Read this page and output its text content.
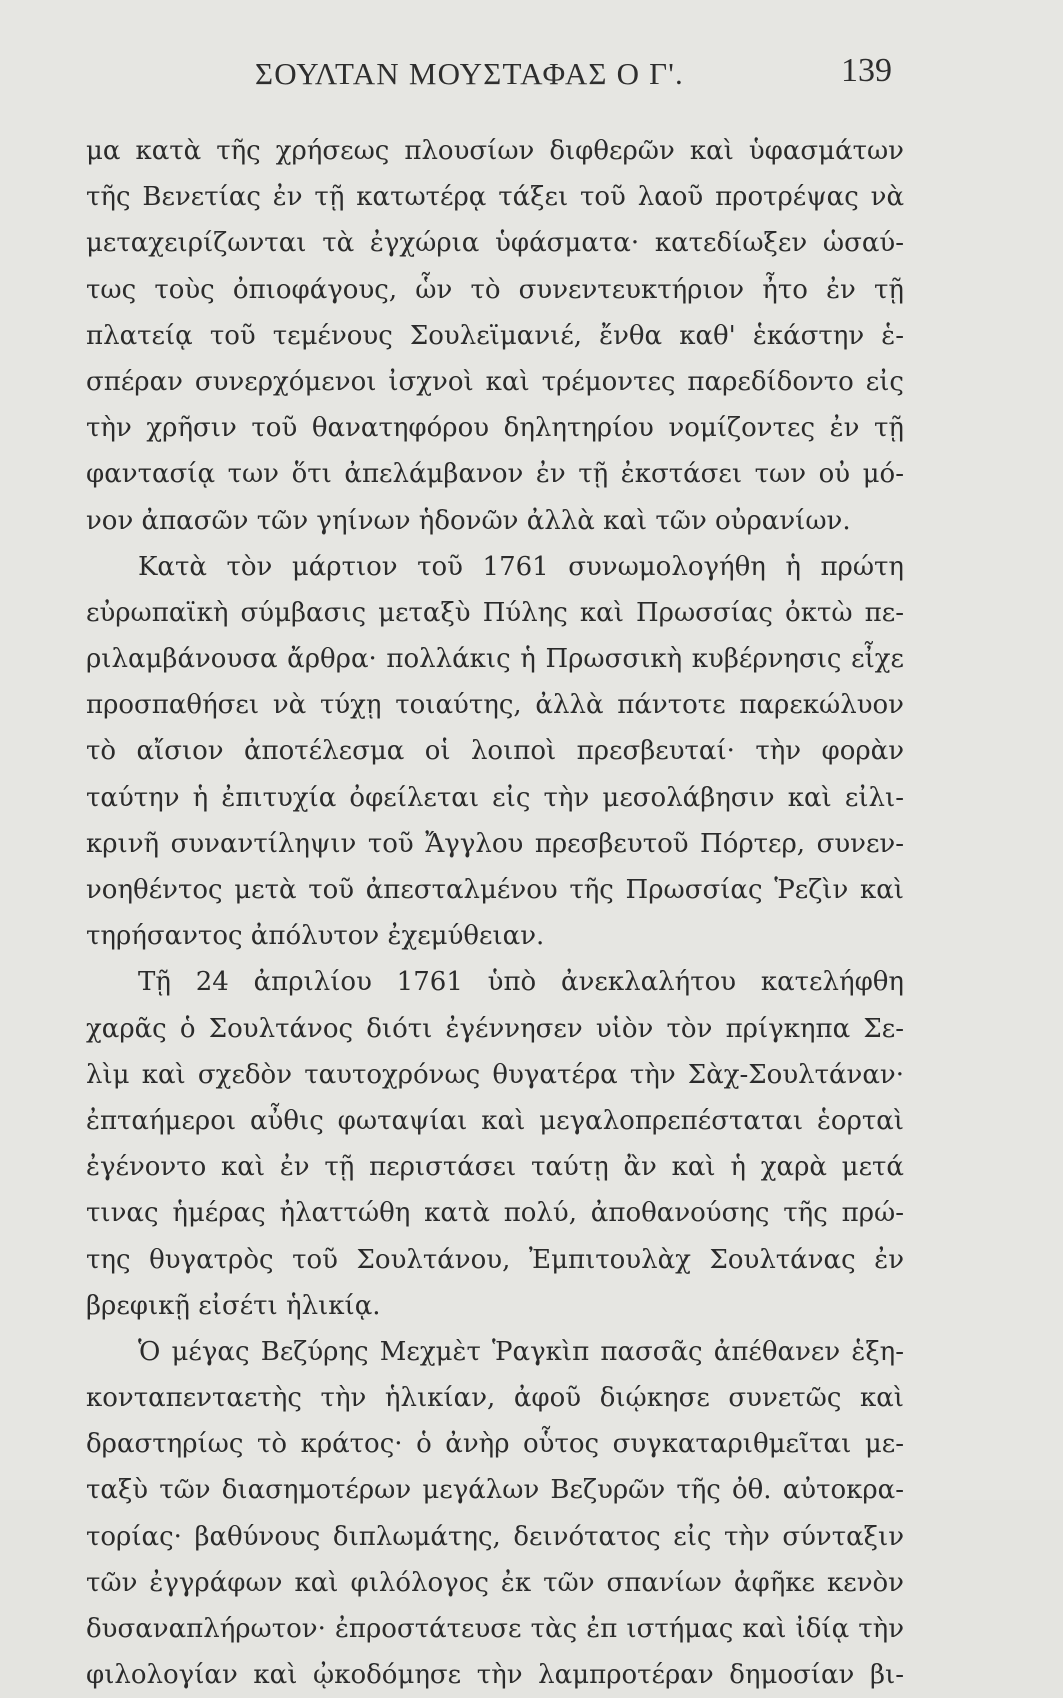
ΣΟΥΛΤΑΝ ΜΟΥΣΤΑΦΑΣ Ο Γ'.	139
μα κατὰ τῆς χρήσεως πλουσίων διφθερῶν καὶ ὑφασμάτων
τῆς Βενετίας ἐν τῇ κατωτέρᾳ τάξει τοῦ λαοῦ προτρέψας νὰ
μεταχειρίζωνται τὰ ἐγχώρια ὑφάσματα· κατεδίωξεν ὡσαύ-
τως τοὺς ὀπιοφάγους, ὧν τὸ συνεντευκτήριον ἦτο ἐν τῇ
πλατείᾳ τοῦ τεμένους Σουλεϊμανιέ, ἔνθα καθ' ἑκάστην ἑ-
σπέραν συνερχόμενοι ἰσχνοὶ καὶ τρέμοντες παρεδίδοντο εἰς
τὴν χρῆσιν τοῦ θανατηφόρου δηλητηρίου νομίζοντες ἐν τῇ
φαντασίᾳ των ὅτι ἀπελάμβανον ἐν τῇ ἐκστάσει των οὐ μό-
νον ἀπασῶν τῶν γηίνων ἡδονῶν ἀλλὰ καὶ τῶν οὐρανίων.
Κατὰ τὸν μάρτιον τοῦ 1761 συνωμολογήθη ἡ πρώτη
εὐρωπαϊκὴ σύμβασις μεταξὺ Πύλης καὶ Πρωσσίας ὀκτὼ πε-
ριλαμβάνουσα ἄρθρα· πολλάκις ἡ Πρωσσικὴ κυβέρνησις εἶχε
προσπαθήσει νὰ τύχῃ τοιαύτης, ἀλλὰ πάντοτε παρεκώλυον
τὸ αἴσιον ἀποτέλεσμα οἱ λοιποὶ πρεσβευταί· τὴν φορὰν
ταύτην ἡ ἐπιτυχία ὀφείλεται εἰς τὴν μεσολάβησιν καὶ εἰλι-
κρινῆ συναντίληψιν τοῦ Ἄγγλου πρεσβευτοῦ Πόρτερ, συνεν-
νοηθέντος μετὰ τοῦ ἀπεσταλμένου τῆς Πρωσσίας Ῥεζὶν καὶ
τηρήσαντος ἀπόλυτον ἐχεμύθειαν.
Τῇ 24 ἀπριλίου 1761 ὑπὸ ἀνεκλαλήτου κατελήφθη
χαρᾶς ὁ Σουλτάνος διότι ἐγέννησεν υἱὸν τὸν πρίγκηπα Σε-
λὶμ καὶ σχεδὸν ταυτοχρόνως θυγατέρα τὴν Σὰχ-Σουλτάναν·
ἐπταήμεροι αὖθις φωταψίαι καὶ μεγαλοπρεπέσταται ἑορταὶ
ἐγένοντο καὶ ἐν τῇ περιστάσει ταύτῃ ἂν καὶ ἡ χαρὰ μετά
τινας ἡμέρας ἠλαττώθη κατὰ πολύ, ἀποθανούσης τῆς πρώ-
της θυγατρὸς τοῦ Σουλτάνου, Ἐμπιτουλὰχ Σουλτάνας ἐν
βρεφικῇ εἰσέτι ἡλικίᾳ.
Ὁ μέγας Βεζύρης Μεχμὲτ Ῥαγκὶπ πασσᾶς ἀπέθανεν ἑξη-
κονταπενταετὴς τὴν ἡλικίαν, ἀφοῦ διῴκησε συνετῶς καὶ
δραστηρίως τὸ κράτος· ὁ ἀνὴρ οὗτος συγκαταριθμεῖται με-
ταξὺ τῶν διασημοτέρων μεγάλων Βεζυρῶν τῆς ὀθ. αὐτοκρα-
τορίας· βαθύνους διπλωμάτης, δεινότατος εἰς τὴν σύνταξιν
τῶν ἐγγράφων καὶ φιλόλογος ἐκ τῶν σπανίων ἀφῆκε κενὸν
δυσαναπλήρωτον· ἐπροστάτευσε τὰς ἐπ ιστήμας καὶ ἰδίᾳ τὴν
φιλολογίαν καὶ ᾠκοδόμησε τὴν λαμπροτέραν δημοσίαν βι-
